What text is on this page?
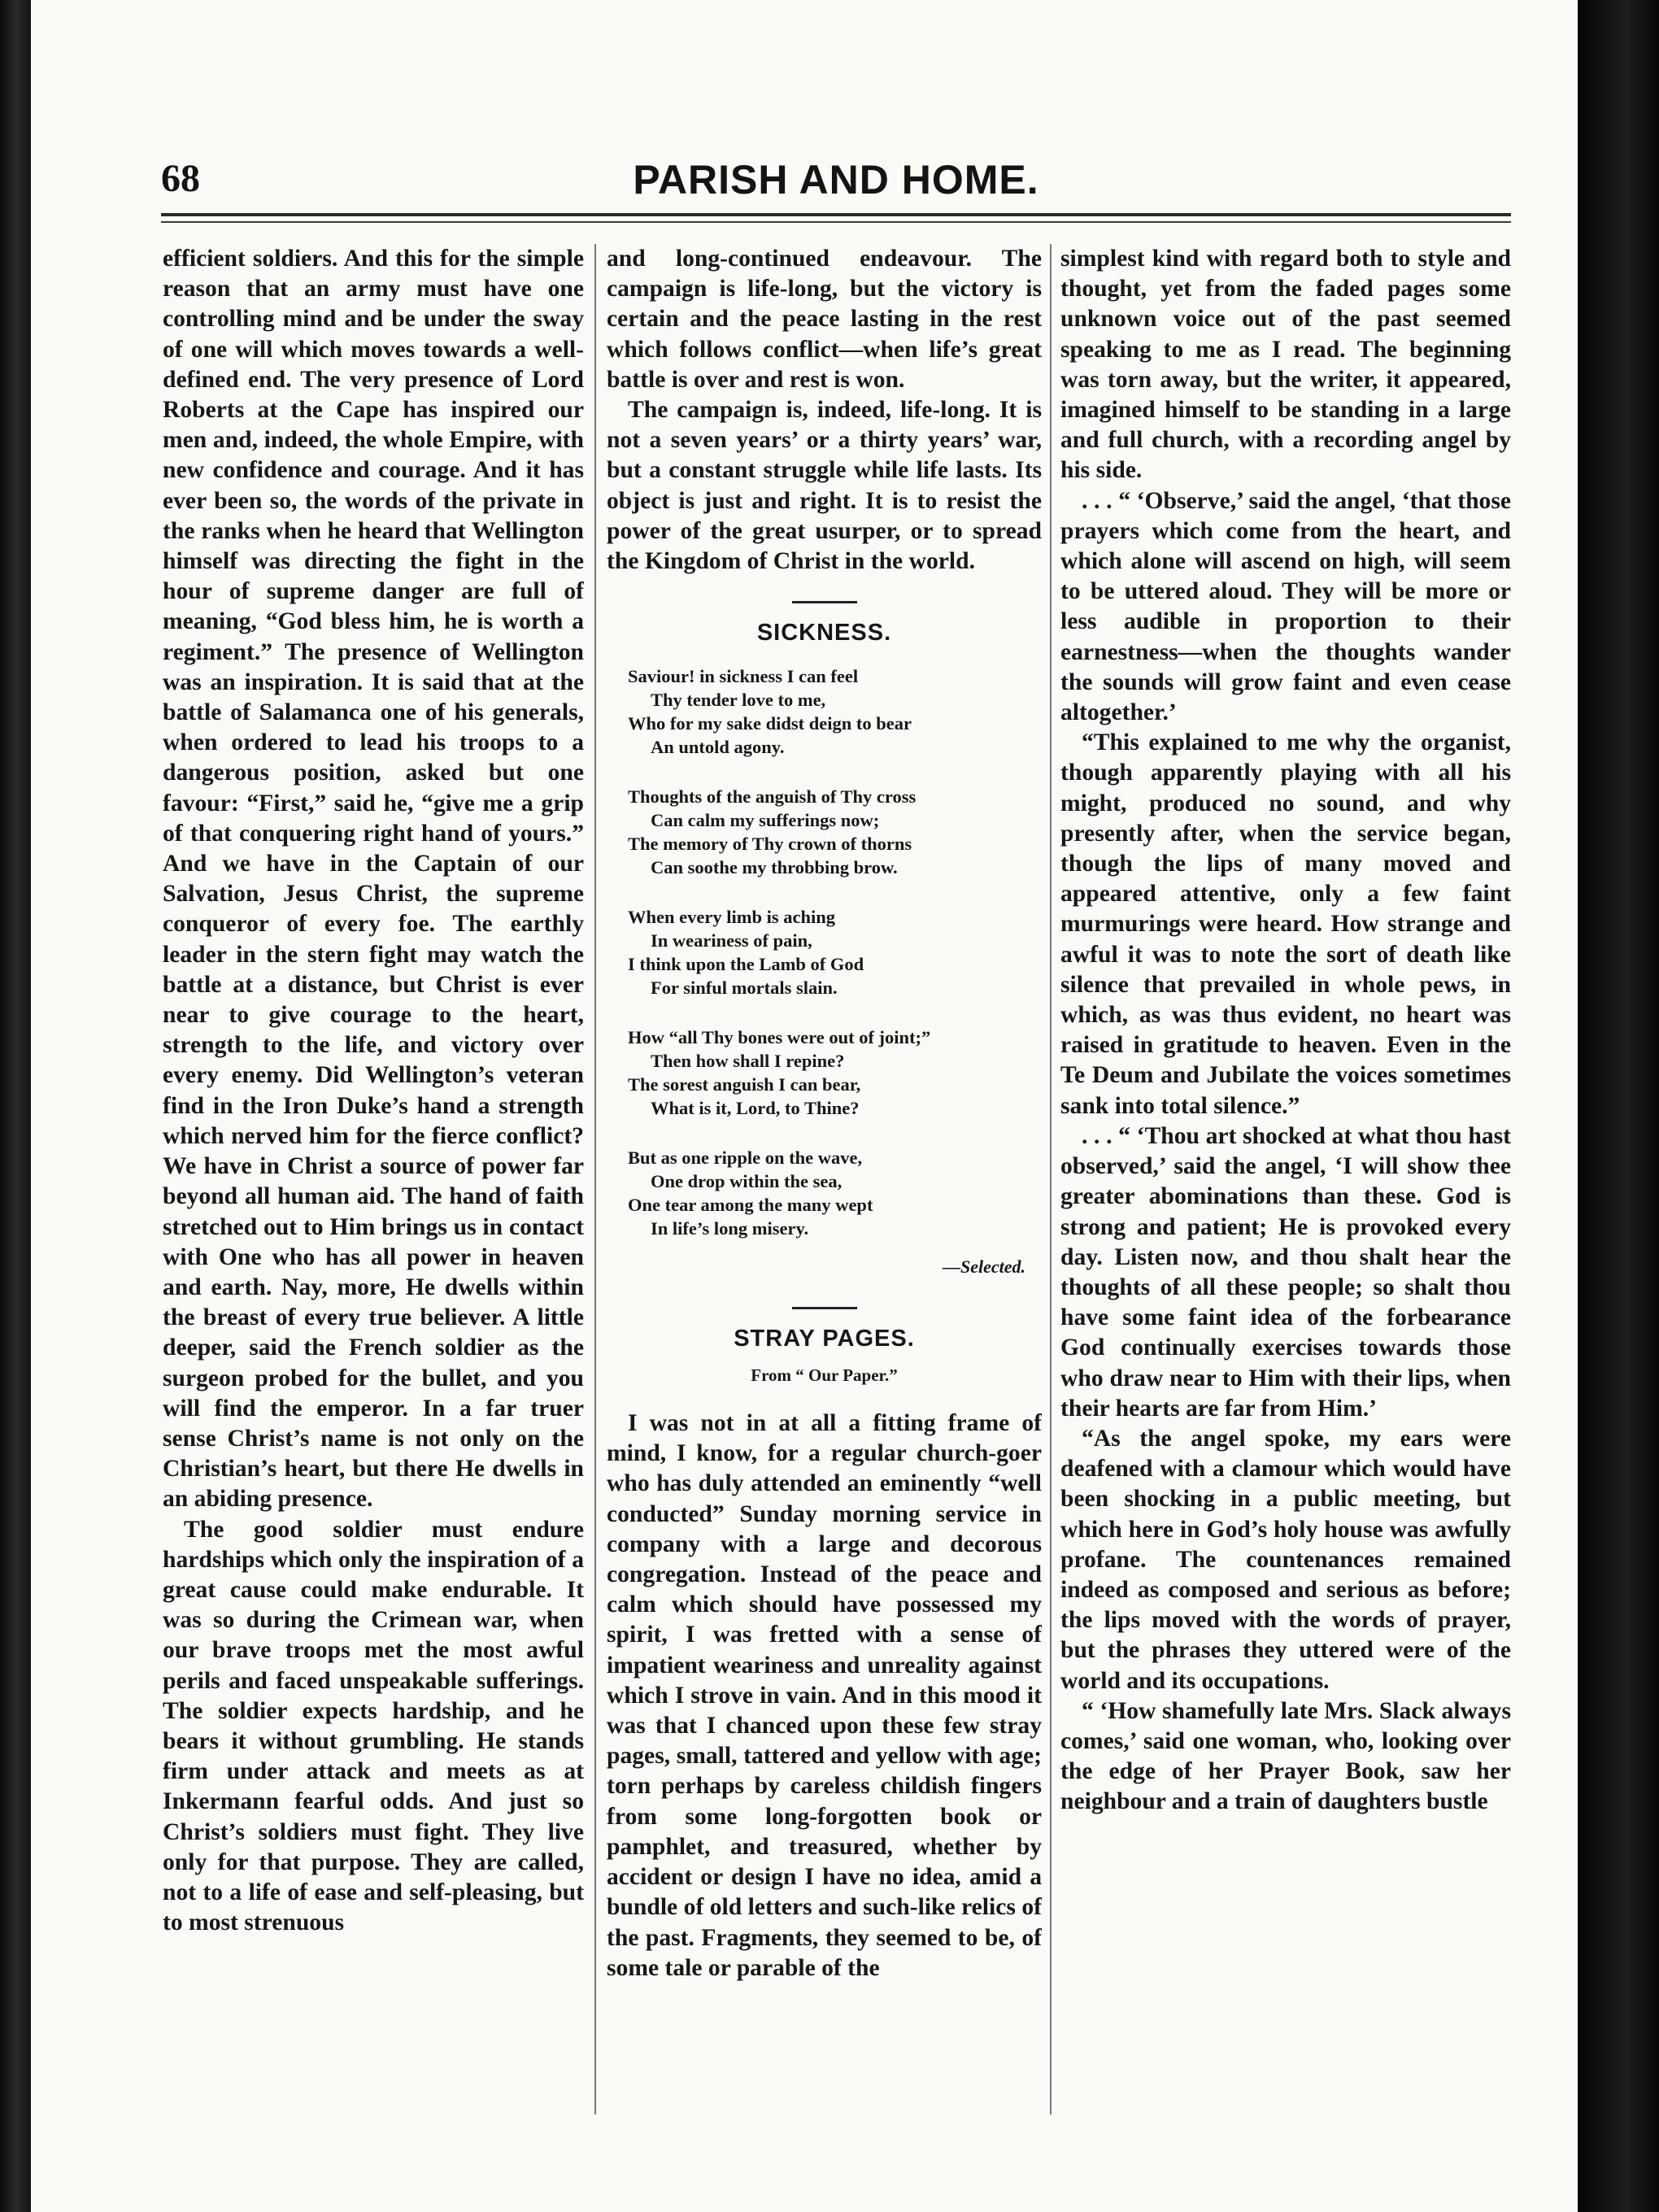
68	PARISH AND HOME.

efficient soldiers. And this for the simple reason that an army must have one controlling mind and be under the sway of one will which moves towards a well-defined end. The very presence of Lord Roberts at the Cape has inspired our men and, indeed, the whole Empire, with new confidence and courage. And it has ever been so, the words of the private in the ranks when he heard that Wellington himself was directing the fight in the hour of supreme danger are full of meaning, “God bless him, he is worth a regiment.” The presence of Wellington was an inspiration. It is said that at the battle of Salamanca one of his generals, when ordered to lead his troops to a dangerous position, asked but one favour: “First,” said he, “give me a grip of that conquering right hand of yours.” And we have in the Captain of our Salvation, Jesus Christ, the supreme conqueror of every foe. The earthly leader in the stern fight may watch the battle at a distance, but Christ is ever near to give courage to the heart, strength to the life, and victory over every enemy. Did Wellington’s veteran find in the Iron Duke’s hand a strength which nerved him for the fierce conflict? We have in Christ a source of power far beyond all human aid. The hand of faith stretched out to Him brings us in contact with One who has all power in heaven and earth. Nay, more, He dwells within the breast of every true believer. A little deeper, said the French soldier as the surgeon probed for the bullet, and you will find the emperor. In a far truer sense Christ’s name is not only on the Christian’s heart, but there He dwells in an abiding presence.

The good soldier must endure hardships which only the inspiration of a great cause could make endurable. It was so during the Crimean war, when our brave troops met the most awful perils and faced unspeakable sufferings. The soldier expects hardship, and he bears it without grumbling. He stands firm under attack and meets as at Inkermann fearful odds. And just so Christ’s soldiers must fight. They live only for that purpose. They are called, not to a life of ease and self-pleasing, but to most strenuous

and long-continued endeavour. The campaign is life-long, but the victory is certain and the peace lasting in the rest which follows conflict—when life’s great battle is over and rest is won.

The campaign is, indeed, life-long. It is not a seven years’ or a thirty years’ war, but a constant struggle while life lasts. Its object is just and right. It is to resist the power of the great usurper, or to spread the Kingdom of Christ in the world.

SICKNESS.
Saviour! in sickness I can feel
Thy tender love to me,
Who for my sake didst deign to bear
An untold agony.
Thoughts of the anguish of Thy cross
Can calm my sufferings now;
The memory of Thy crown of thorns
Can soothe my throbbing brow.
When every limb is aching
In weariness of pain,
I think upon the Lamb of God
For sinful mortals slain.
How “all Thy bones were out of joint;”
Then how shall I repine?
The sorest anguish I can bear,
What is it, Lord, to Thine?
But as one ripple on the wave,
One drop within the sea,
One tear among the many wept
In life’s long misery.
—Selected.
STRAY PAGES.
From “ Our Paper.”

I was not in at all a fitting frame of mind, I know, for a regular church-goer who has duly attended an eminently “well conducted” Sunday morning service in company with a large and decorous congregation. Instead of the peace and calm which should have possessed my spirit, I was fretted with a sense of impatient weariness and unreality against which I strove in vain. And in this mood it was that I chanced upon these few stray pages, small, tattered and yellow with age; torn perhaps by careless childish fingers from some long-forgotten book or pamphlet, and treasured, whether by accident or design I have no idea, amid a bundle of old letters and such-like relics of the past. Fragments, they seemed to be, of some tale or parable of the

simplest kind with regard both to style and thought, yet from the faded pages some unknown voice out of the past seemed speaking to me as I read. The beginning was torn away, but the writer, it appeared, imagined himself to be standing in a large and full church, with a recording angel by his side.

. . . “ ‘Observe,’ said the angel, ‘that those prayers which come from the heart, and which alone will ascend on high, will seem to be uttered aloud. They will be more or less audible in proportion to their earnestness—when the thoughts wander the sounds will grow faint and even cease altogether.’

“This explained to me why the organist, though apparently playing with all his might, produced no sound, and why presently after, when the service began, though the lips of many moved and appeared attentive, only a few faint murmurings were heard. How strange and awful it was to note the sort of death like silence that prevailed in whole pews, in which, as was thus evident, no heart was raised in gratitude to heaven. Even in the Te Deum and Jubilate the voices sometimes sank into total silence.”

. . . “ ‘Thou art shocked at what thou hast observed,’ said the angel, ‘I will show thee greater abominations than these. God is strong and patient; He is provoked every day. Listen now, and thou shalt hear the thoughts of all these people; so shalt thou have some faint idea of the forbearance God continually exercises towards those who draw near to Him with their lips, when their hearts are far from Him.’

“As the angel spoke, my ears were deafened with a clamour which would have been shocking in a public meeting, but which here in God’s holy house was awfully profane. The countenances remained indeed as composed and serious as before; the lips moved with the words of prayer, but the phrases they uttered were of the world and its occupations.

“ ‘How shamefully late Mrs. Slack always comes,’ said one woman, who, looking over the edge of her Prayer Book, saw her neighbour and a train of daughters bustle
